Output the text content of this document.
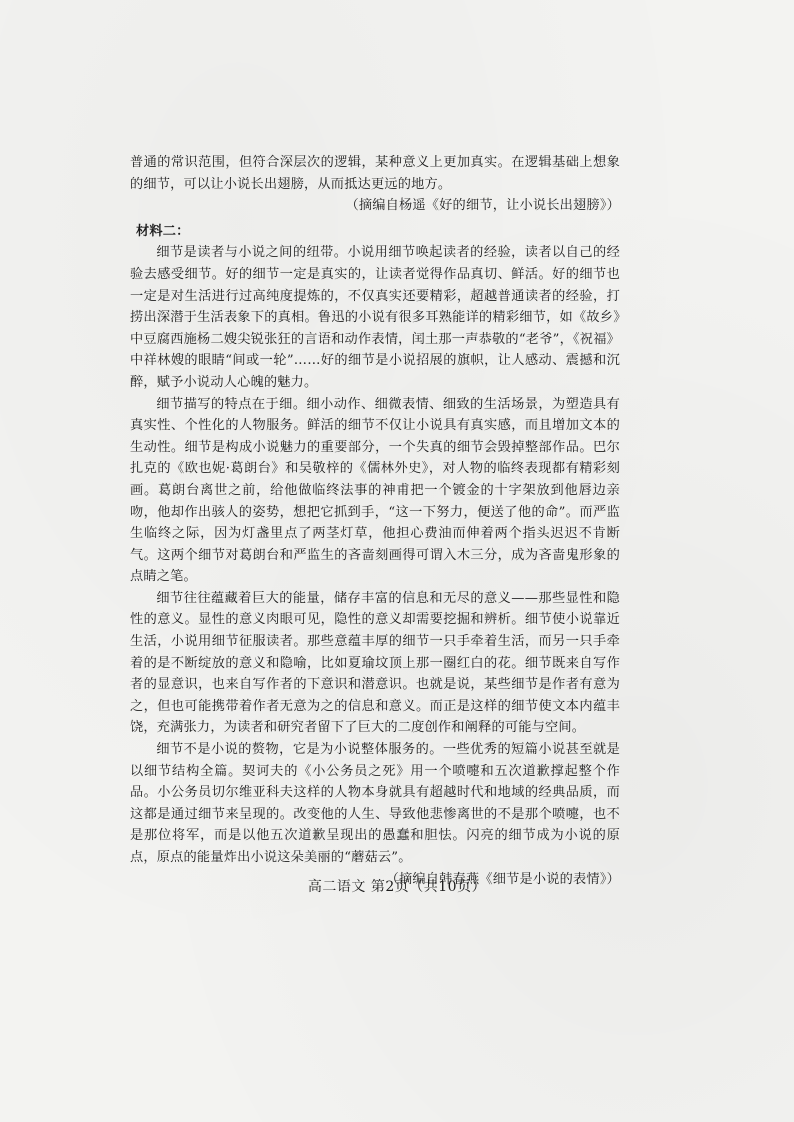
普通的常识范围，但符合深层次的逻辑，某种意义上更加真实。在逻辑基础上想象的细节，可以让小说长出翅膀，从而抵达更远的地方。

（摘编自杨遥《好的细节，让小说长出翅膀》）

材料二：

细节是读者与小说之间的纽带。小说用细节唤起读者的经验，读者以自己的经验去感受细节。好的细节一定是真实的，让读者觉得作品真切、鲜活。好的细节也一定是对生活进行过高纯度提炼的，不仅真实还要精彩，超越普通读者的经验，打捞出深潜于生活表象下的真相。鲁迅的小说有很多耳熟能详的精彩细节，如《故乡》中豆腐西施杨二嫂尖锐张狂的言语和动作表情，闰土那一声恭敬的“老爷”，《祝福》中祥林嫂的眼睛“间或一轮”……好的细节是小说招展的旗帜，让人感动、震撼和沉醉，赋予小说动人心魄的魅力。

细节描写的特点在于细。细小动作、细微表情、细致的生活场景，为塑造具有真实性、个性化的人物服务。鲜活的细节不仅让小说具有真实感，而且增加文本的生动性。细节是构成小说魅力的重要部分，一个失真的细节会毁掉整部作品。巴尔扎克的《欧也妮·葛朗台》和吴敬梓的《儒林外史》，对人物的临终表现都有精彩刻画。葛朗台离世之前，给他做临终法事的神甫把一个镀金的十字架放到他唇边亲吻，他却作出骇人的姿势，想把它抓到手，“这一下努力，便送了他的命”。而严监生临终之际，因为灯盏里点了两茎灯草，他担心费油而伸着两个指头迟迟不肯断气。这两个细节对葛朗台和严监生的吝啬刻画得可谓入木三分，成为吝啬鬼形象的点睛之笔。

细节往往蕴藏着巨大的能量，储存丰富的信息和无尽的意义——那些显性和隐性的意义。显性的意义肉眼可见，隐性的意义却需要挖掘和辨析。细节使小说靠近生活，小说用细节征服读者。那些意蕴丰厚的细节一只手牵着生活，而另一只手牵着的是不断绽放的意义和隐喻，比如夏瑜坟顶上那一圈红白的花。细节既来自写作者的显意识，也来自写作者的下意识和潜意识。也就是说，某些细节是作者有意为之，但也可能携带着作者无意为之的信息和意义。而正是这样的细节使文本内蕴丰饶，充满张力，为读者和研究者留下了巨大的二度创作和阐释的可能与空间。

细节不是小说的赘物，它是为小说整体服务的。一些优秀的短篇小说甚至就是以细节结构全篇。契诃夫的《小公务员之死》用一个喷嚏和五次道歉撑起整个作品。小公务员切尔维亚科夫这样的人物本身就具有超越时代和地域的经典品质，而这都是通过细节来呈现的。改变他的人生、导致他悲惨离世的不是那个喷嚏，也不是那位将军，而是以他五次道歉呈现出的愚蠢和胆怯。闪亮的细节成为小说的原点，原点的能量炸出小说这朵美丽的“蘑菇云”。

（摘编自韩春燕《细节是小说的表情》）

高二语文 第2页（共10页）
